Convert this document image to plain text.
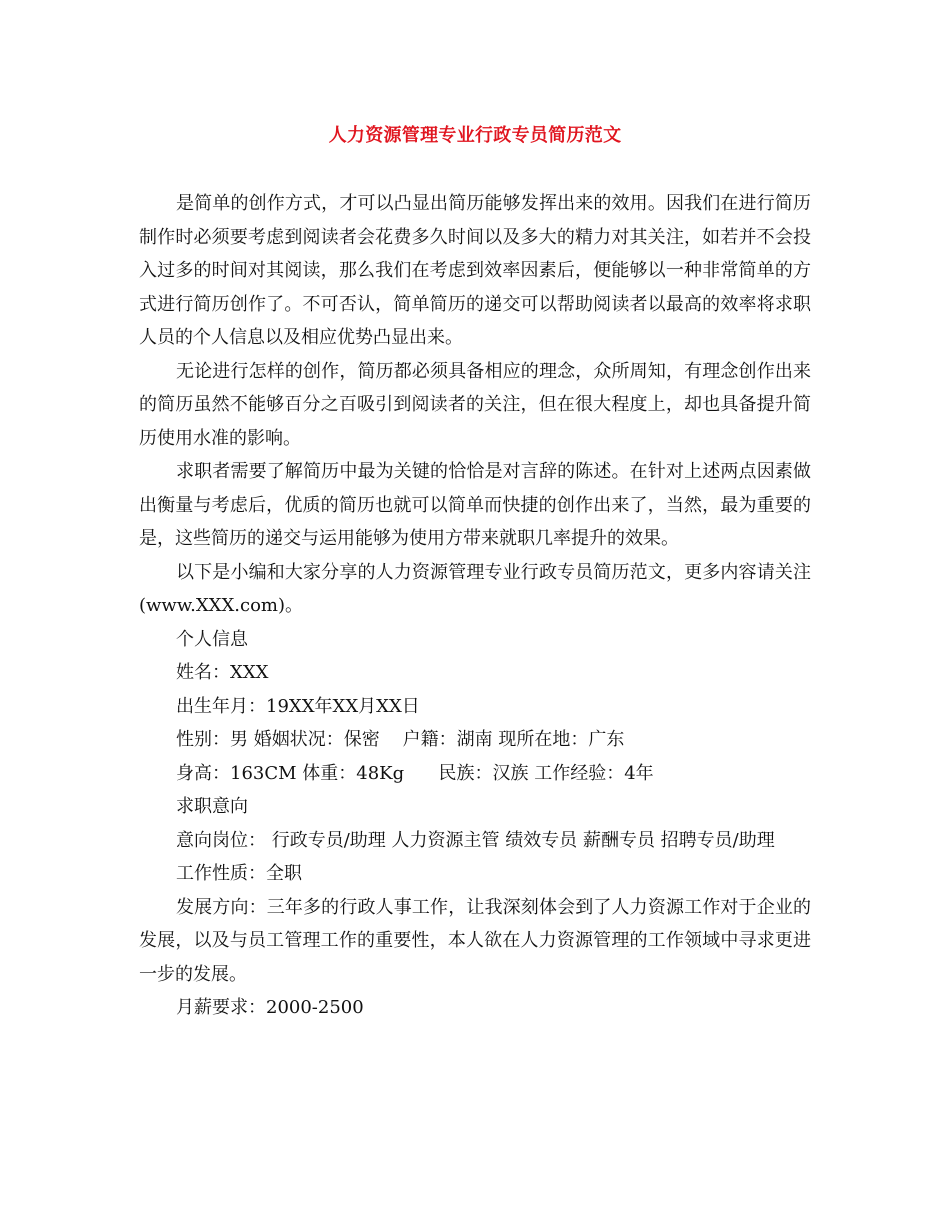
人力资源管理专业行政专员简历范文

是简单的创作方式，才可以凸显出简历能够发挥出来的效用。因我们在进行简历制作时必须要考虑到阅读者会花费多久时间以及多大的精力对其关注，如若并不会投入过多的时间对其阅读，那么我们在考虑到效率因素后，便能够以一种非常简单的方式进行简历创作了。不可否认，简单简历的递交可以帮助阅读者以最高的效率将求职人员的个人信息以及相应优势凸显出来。

无论进行怎样的创作，简历都必须具备相应的理念，众所周知，有理念创作出来的简历虽然不能够百分之百吸引到阅读者的关注，但在很大程度上，却也具备提升简历使用水准的影响。

求职者需要了解简历中最为关键的恰恰是对言辞的陈述。在针对上述两点因素做出衡量与考虑后，优质的简历也就可以简单而快捷的创作出来了，当然，最为重要的是，这些简历的递交与运用能够为使用方带来就职几率提升的效果。

以下是小编和大家分享的人力资源管理专业行政专员简历范文，更多内容请关注(www.XXX.com)。

个人信息

姓名：XXX

出生年月：19XX年XX月XX日

性别：男 婚姻状况：保密    户籍：湖南 现所在地：广东

身高：163CM 体重：48Kg      民族：汉族 工作经验：4年

求职意向

意向岗位： 行政专员/助理 人力资源主管 绩效专员 薪酬专员 招聘专员/助理

工作性质：全职

发展方向：三年多的行政人事工作，让我深刻体会到了人力资源工作对于企业的发展，以及与员工管理工作的重要性，本人欲在人力资源管理的工作领域中寻求更进一步的发展。

月薪要求：2000-2500
